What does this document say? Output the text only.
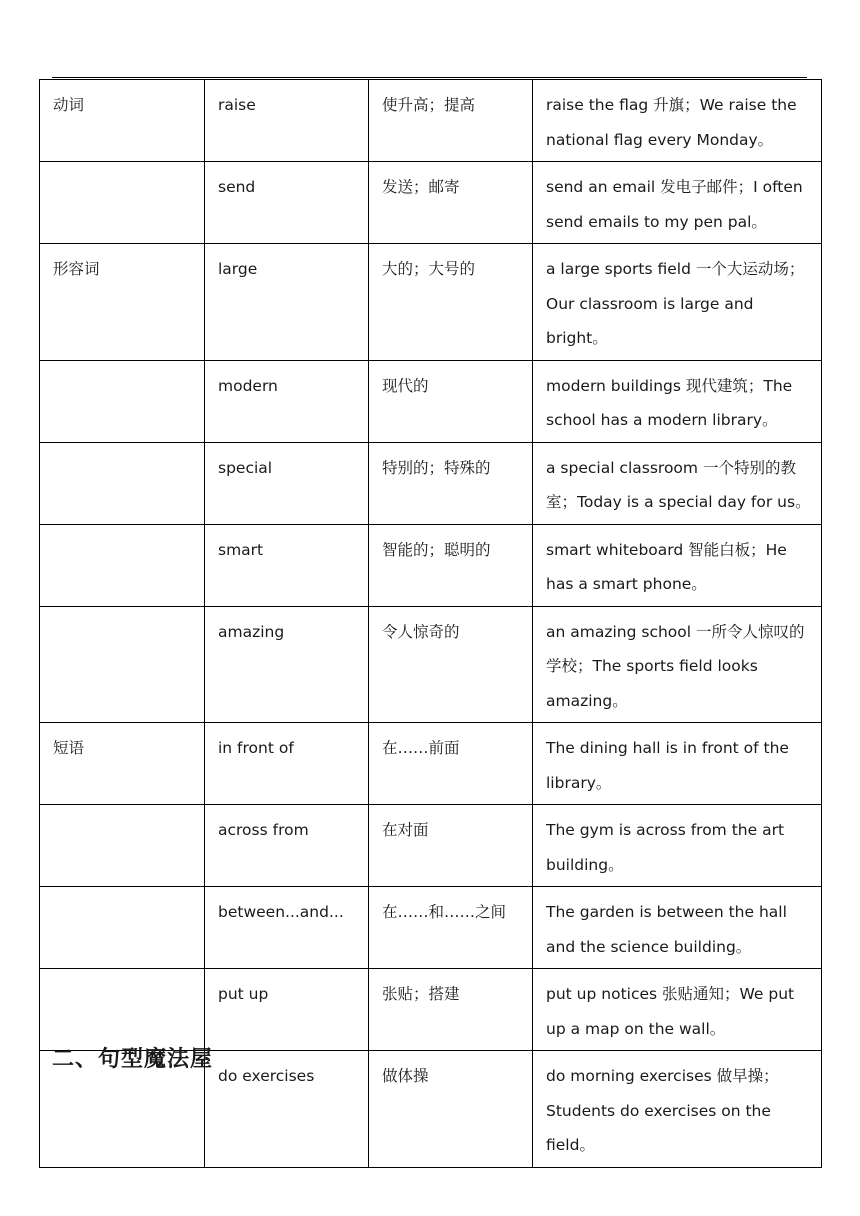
动词	raise	使升高；提高	raise the flag 升旗；We raise the national flag every Monday。
	send	发送；邮寄	send an email 发电子邮件；I often send emails to my pen pal。
形容词	large	大的；大号的	a large sports field 一个大运动场；Our classroom is large and bright。
	modern	现代的	modern buildings 现代建筑；The school has a modern library。
	special	特别的；特殊的	a special classroom 一个特别的教室；Today is a special day for us。
	smart	智能的；聪明的	smart whiteboard 智能白板；He has a smart phone。
	amazing	令人惊奇的	an amazing school 一所令人惊叹的学校；The sports field looks amazing。
短语	in front of	在……前面	The dining hall is in front of the library。
	across from	在对面	The gym is across from the art building。
	between...and...	在……和……之间	The garden is between the hall and the science building。
	put up	张贴；搭建	put up notices 张贴通知；We put up a map on the wall。
	do exercises	做体操	do morning exercises 做早操；Students do exercises on the field。
二、句型魔法屋
